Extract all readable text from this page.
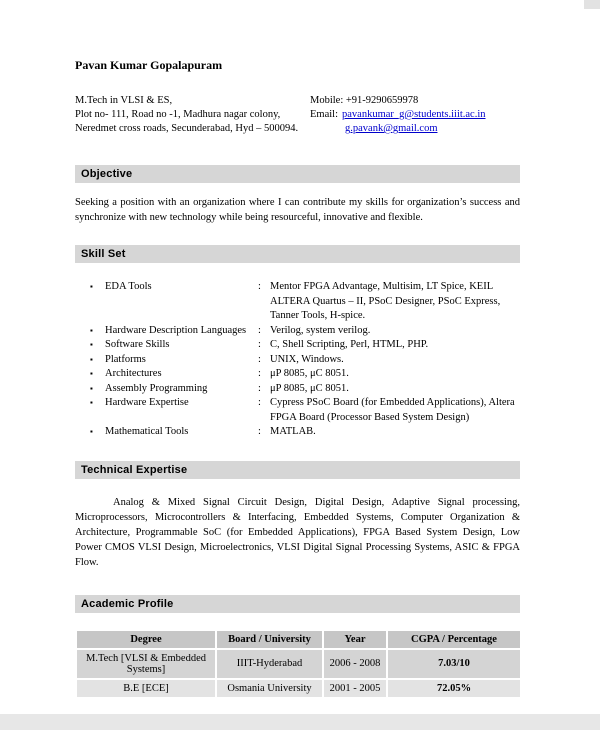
Pavan Kumar Gopalapuram
M.Tech in VLSI & ES,
Plot no- 111, Road no -1, Madhura nagar colony,
Neredmet cross roads, Secunderabad, Hyd – 500094.
Mobile: +91-9290659978
Email: pavankumar_g@students.iiit.ac.in
g.pavank@gmail.com
Objective

Seeking a position with an organization where I can contribute my skills for organization’s success and synchronize with new technology while being resourceful, innovative and flexible.

Skill Set
▪	EDA Tools	: Mentor FPGA Advantage, Multisim, LT Spice, KEIL ALTERA Quartus – II, PSoC Designer, PSoC Express, Tanner Tools, H-spice.
▪	Hardware Description Languages	: Verilog, system verilog.
▪	Software Skills	: C, Shell Scripting, Perl, HTML, PHP.
▪	Platforms	: UNIX, Windows.
▪	Architectures	: μP 8085, μC 8051.
▪	Assembly Programming	: μP 8085, μC 8051.
▪	Hardware Expertise	: Cypress PSoC Board (for Embedded Applications), Altera FPGA Board (Processor Based System Design)
▪	Mathematical Tools	: MATLAB.
Technical Expertise

Analog & Mixed Signal Circuit Design, Digital Design, Adaptive Signal processing, Microprocessors, Microcontrollers & Interfacing, Embedded Systems, Computer Organization & Architecture, Programmable SoC (for Embedded Applications), FPGA Based System Design, Low Power CMOS VLSI Design, Microelectronics, VLSI Digital Signal Processing Systems, ASIC & FPGA Flow.

Academic Profile
Degree	Board / University	Year	CGPA / Percentage
M.Tech [VLSI & Embedded Systems]	IIIT-Hyderabad	2006 - 2008	7.03/10
B.E [ECE]	Osmania University	2001 - 2005	72.05%
